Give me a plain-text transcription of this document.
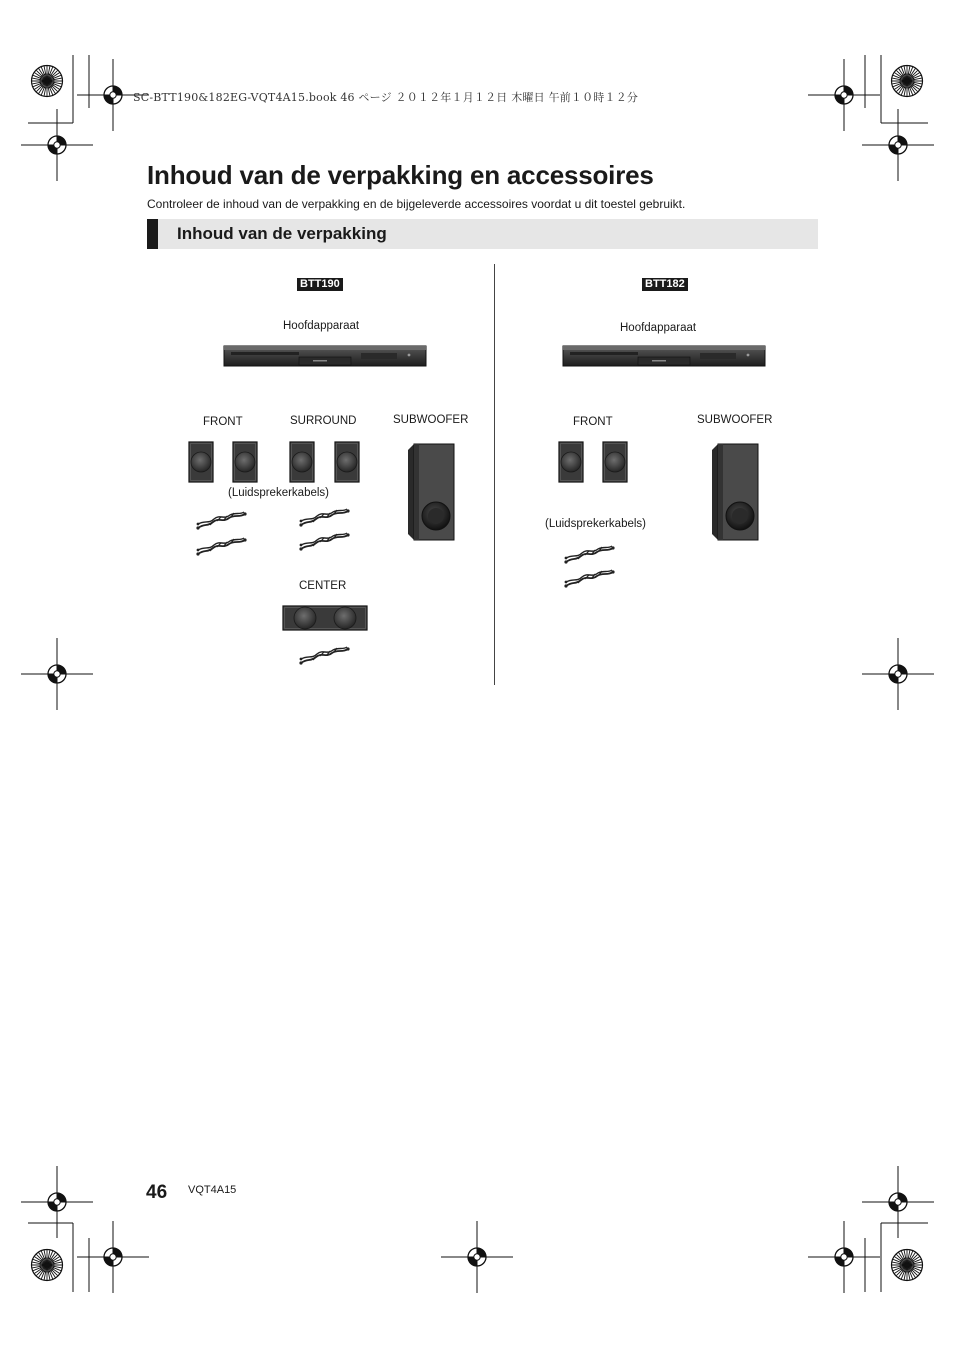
SC-BTT190&182EG-VQT4A15.book 46 ページ ２０１２年１月１２日 木曜日 午前１０時１２分
Inhoud van de verpakking en accessoires
Controleer de inhoud van de verpakking en de bijgeleverde accessoires voordat u dit toestel gebruikt.
Inhoud van de verpakking
BTT190
Hoofdapparaat
FRONT	SURROUND	SUBWOOFER
(Luidsprekerkabels)
CENTER
BTT182
Hoofdapparaat
FRONT	SUBWOOFER
(Luidsprekerkabels)
46 VQT4A15
